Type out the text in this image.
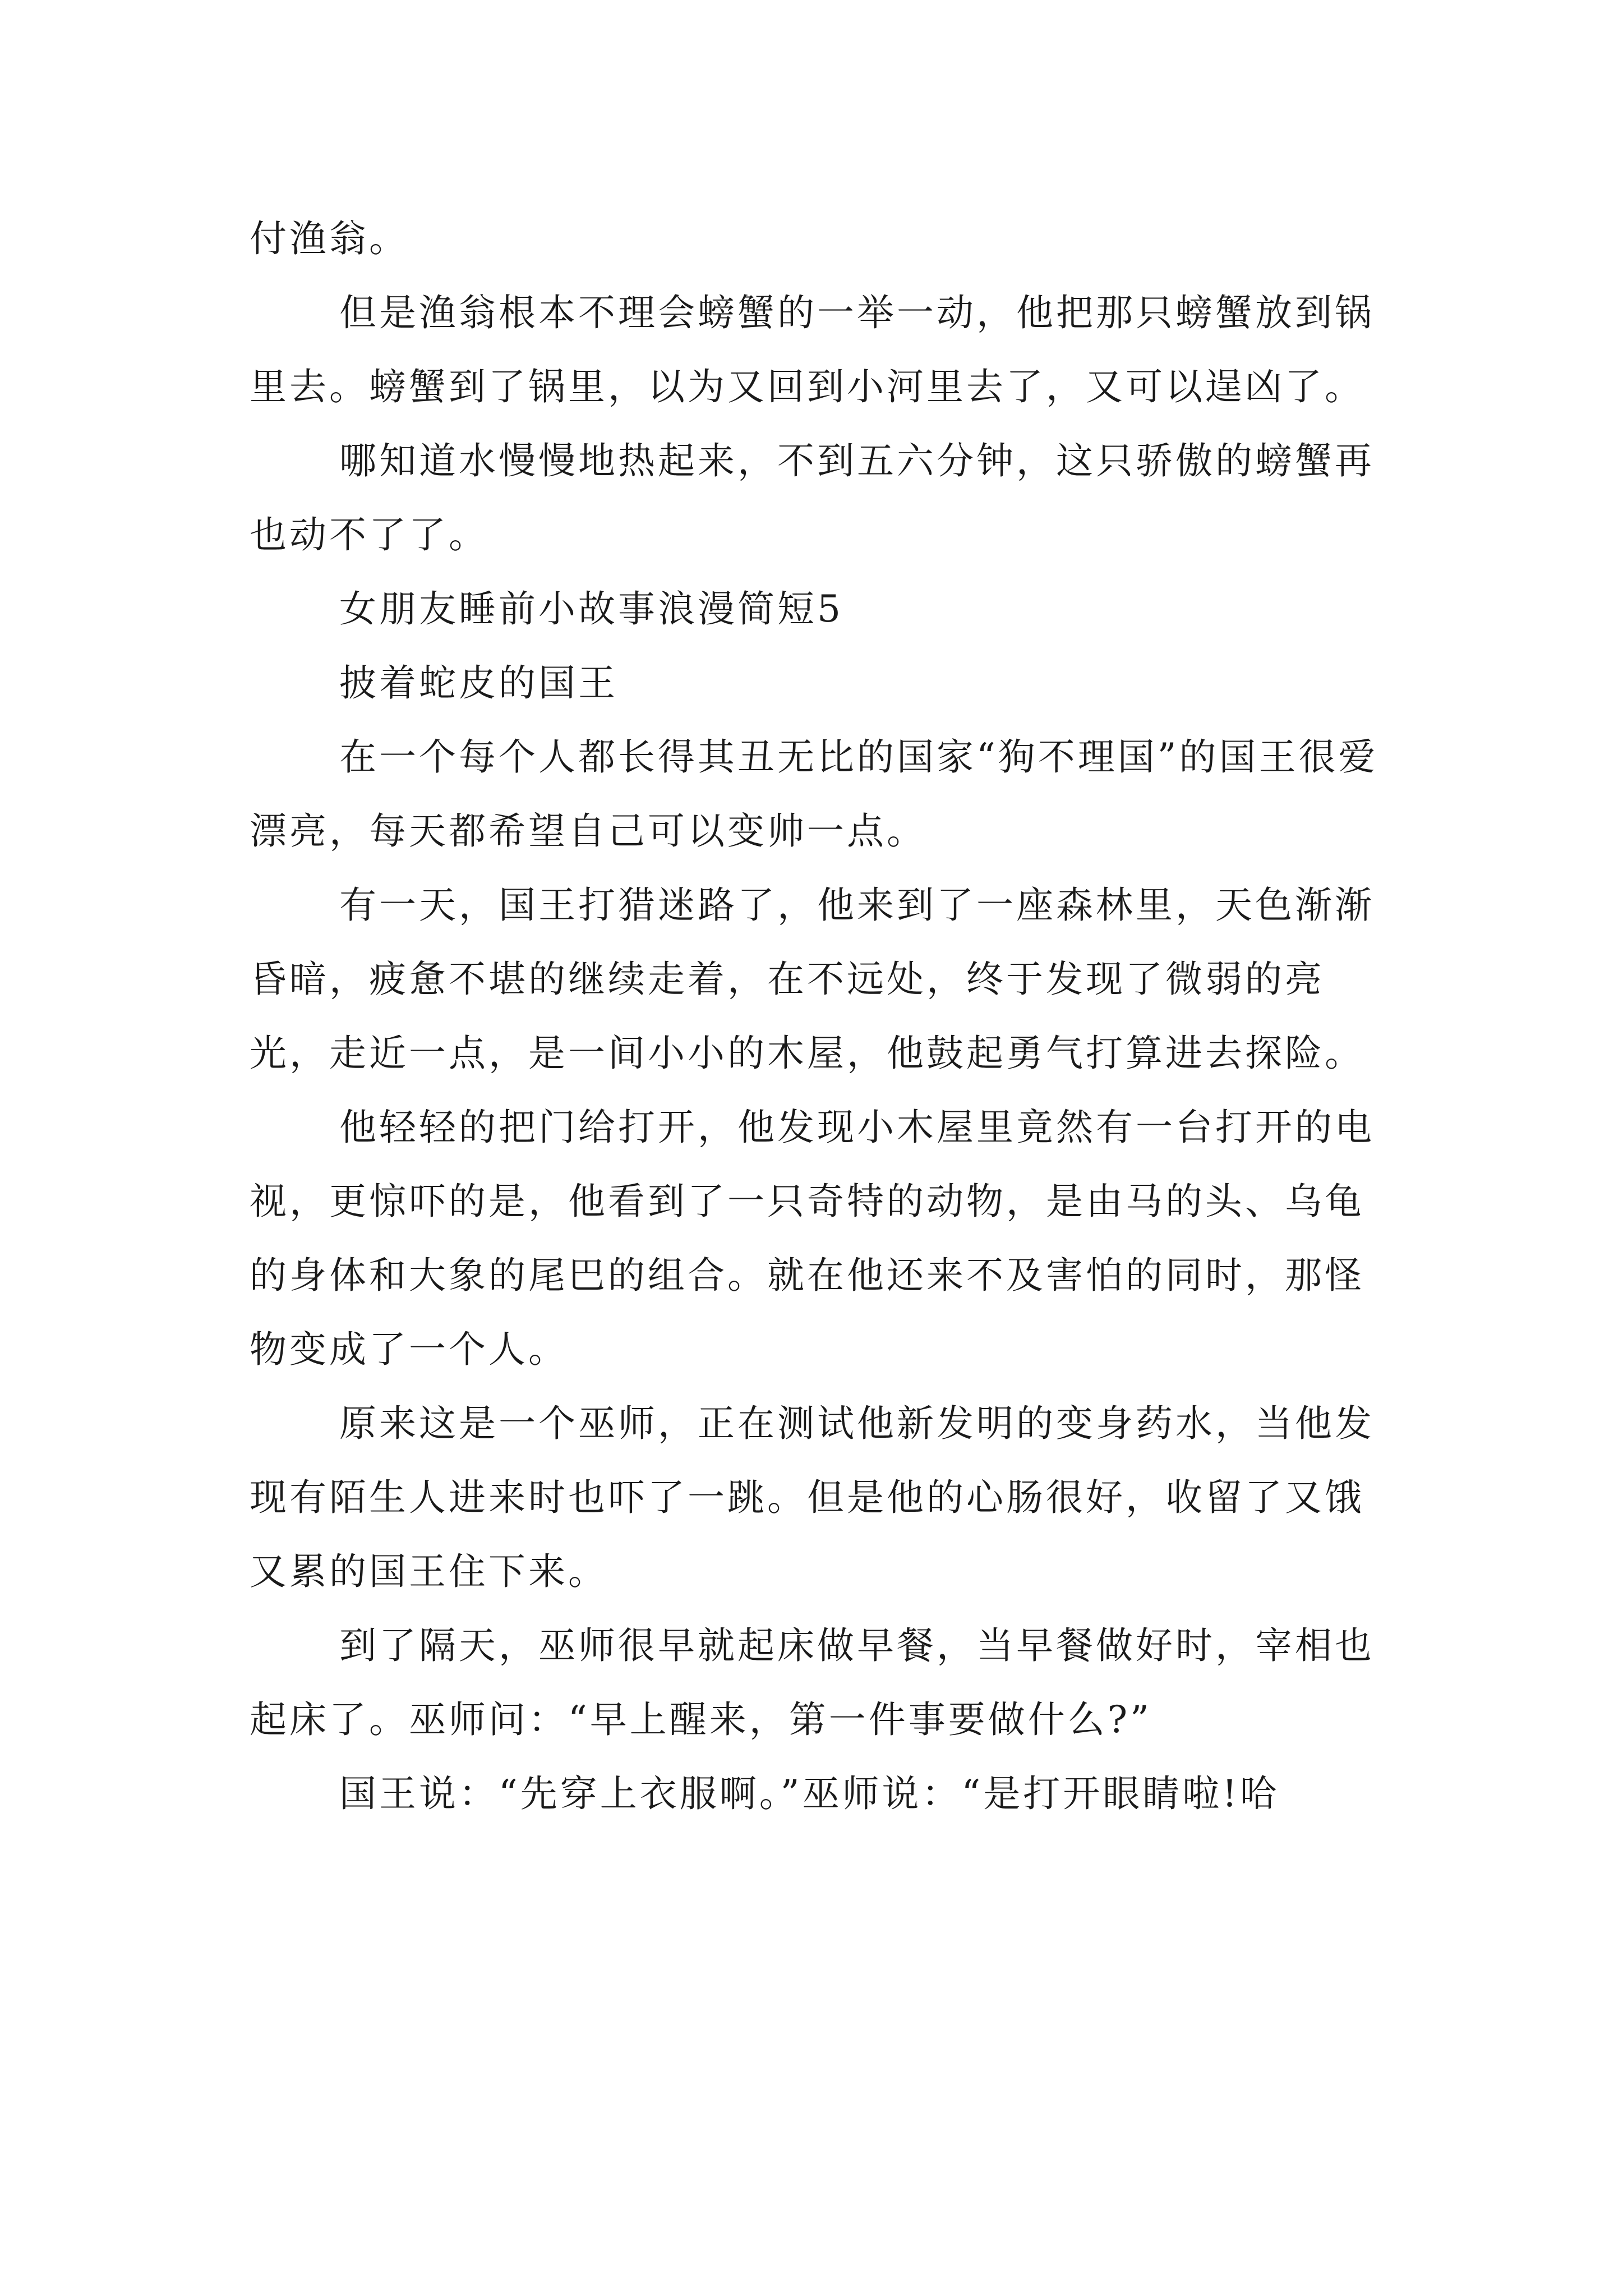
付渔翁。

但是渔翁根本不理会螃蟹的一举一动，他把那只螃蟹放到锅里去。螃蟹到了锅里，以为又回到小河里去了，又可以逞凶了。

哪知道水慢慢地热起来，不到五六分钟，这只骄傲的螃蟹再也动不了了。

女朋友睡前小故事浪漫简短5

披着蛇皮的国王

在一个每个人都长得其丑无比的国家“狗不理国”的国王很爱漂亮，每天都希望自己可以变帅一点。

有一天，国王打猎迷路了，他来到了一座森林里，天色渐渐昏暗，疲惫不堪的继续走着，在不远处，终于发现了微弱的亮光，走近一点，是一间小小的木屋，他鼓起勇气打算进去探险。

他轻轻的把门给打开，他发现小木屋里竟然有一台打开的电视，更惊吓的是，他看到了一只奇特的动物，是由马的头、乌龟的身体和大象的尾巴的组合。就在他还来不及害怕的同时，那怪物变成了一个人。

原来这是一个巫师，正在测试他新发明的变身药水，当他发现有陌生人进来时也吓了一跳。但是他的心肠很好，收留了又饿又累的国王住下来。

到了隔天，巫师很早就起床做早餐，当早餐做好时，宰相也起床了。巫师问：“早上醒来，第一件事要做什么?”

国王说：“先穿上衣服啊。”巫师说：“是打开眼睛啦!哈
